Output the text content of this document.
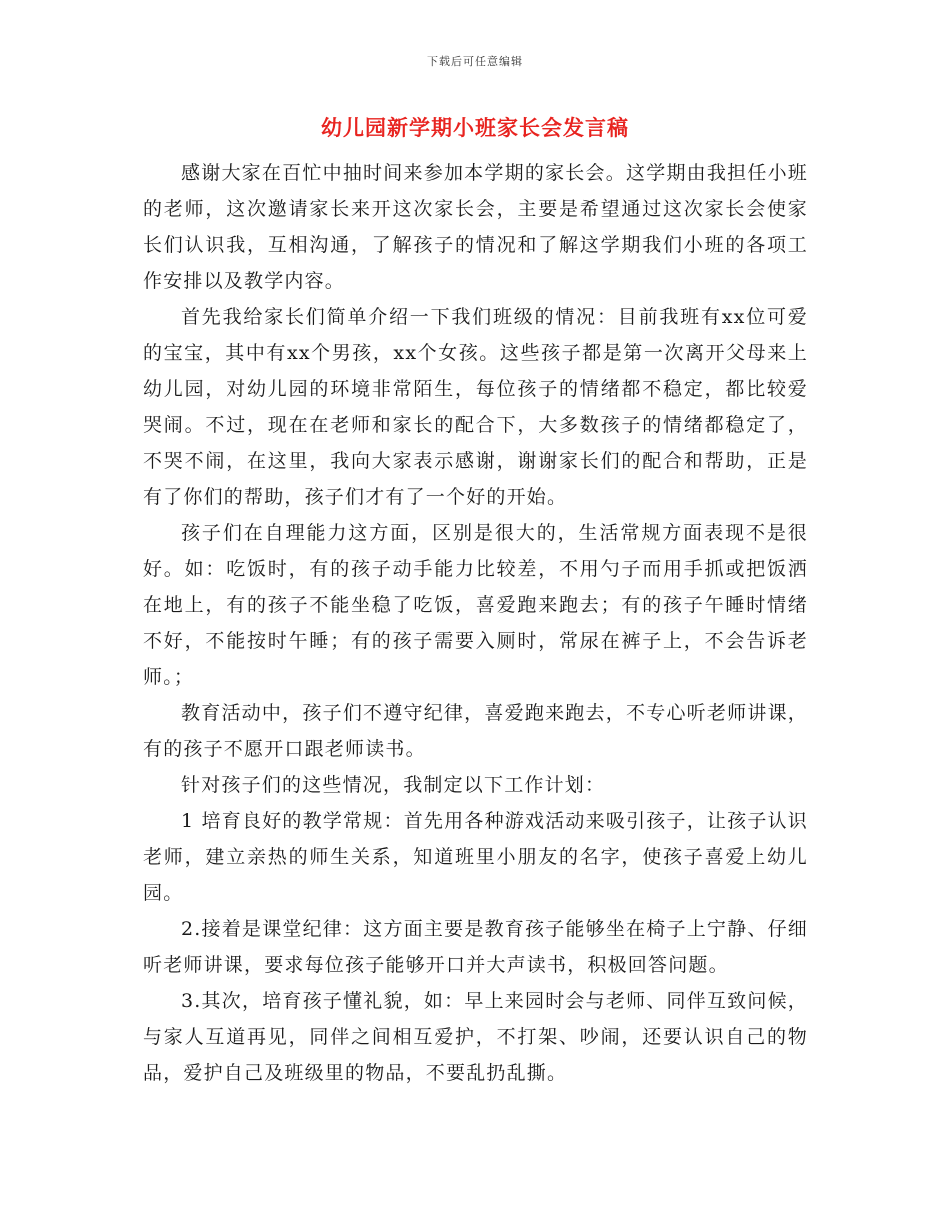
下载后可任意编辑
幼儿园新学期小班家长会发言稿

感谢大家在百忙中抽时间来参加本学期的家长会。这学期由我担任小班的老师，这次邀请家长来开这次家长会，主要是希望通过这次家长会使家长们认识我，互相沟通，了解孩子的情况和了解这学期我们小班的各项工作安排以及教学内容。

首先我给家长们简单介绍一下我们班级的情况：目前我班有xx位可爱的宝宝，其中有xx个男孩，xx个女孩。这些孩子都是第一次离开父母来上幼儿园，对幼儿园的环境非常陌生，每位孩子的情绪都不稳定，都比较爱哭闹。不过，现在在老师和家长的配合下，大多数孩子的情绪都稳定了，不哭不闹，在这里，我向大家表示感谢，谢谢家长们的配合和帮助，正是有了你们的帮助，孩子们才有了一个好的开始。

孩子们在自理能力这方面，区别是很大的，生活常规方面表现不是很好。如：吃饭时，有的孩子动手能力比较差，不用勺子而用手抓或把饭洒在地上，有的孩子不能坐稳了吃饭，喜爱跑来跑去；有的孩子午睡时情绪不好，不能按时午睡；有的孩子需要入厕时，常尿在裤子上，不会告诉老师。；

教育活动中，孩子们不遵守纪律，喜爱跑来跑去，不专心听老师讲课，有的孩子不愿开口跟老师读书。

针对孩子们的这些情况，我制定以下工作计划：

1 培育良好的教学常规：首先用各种游戏活动来吸引孩子，让孩子认识老师，建立亲热的师生关系，知道班里小朋友的名字，使孩子喜爱上幼儿园。

2.接着是课堂纪律：这方面主要是教育孩子能够坐在椅子上宁静、仔细听老师讲课，要求每位孩子能够开口并大声读书，积极回答问题。

3.其次，培育孩子懂礼貌，如：早上来园时会与老师、同伴互致问候，与家人互道再见，同伴之间相互爱护，不打架、吵闹，还要认识自己的物品，爱护自己及班级里的物品，不要乱扔乱撕。
